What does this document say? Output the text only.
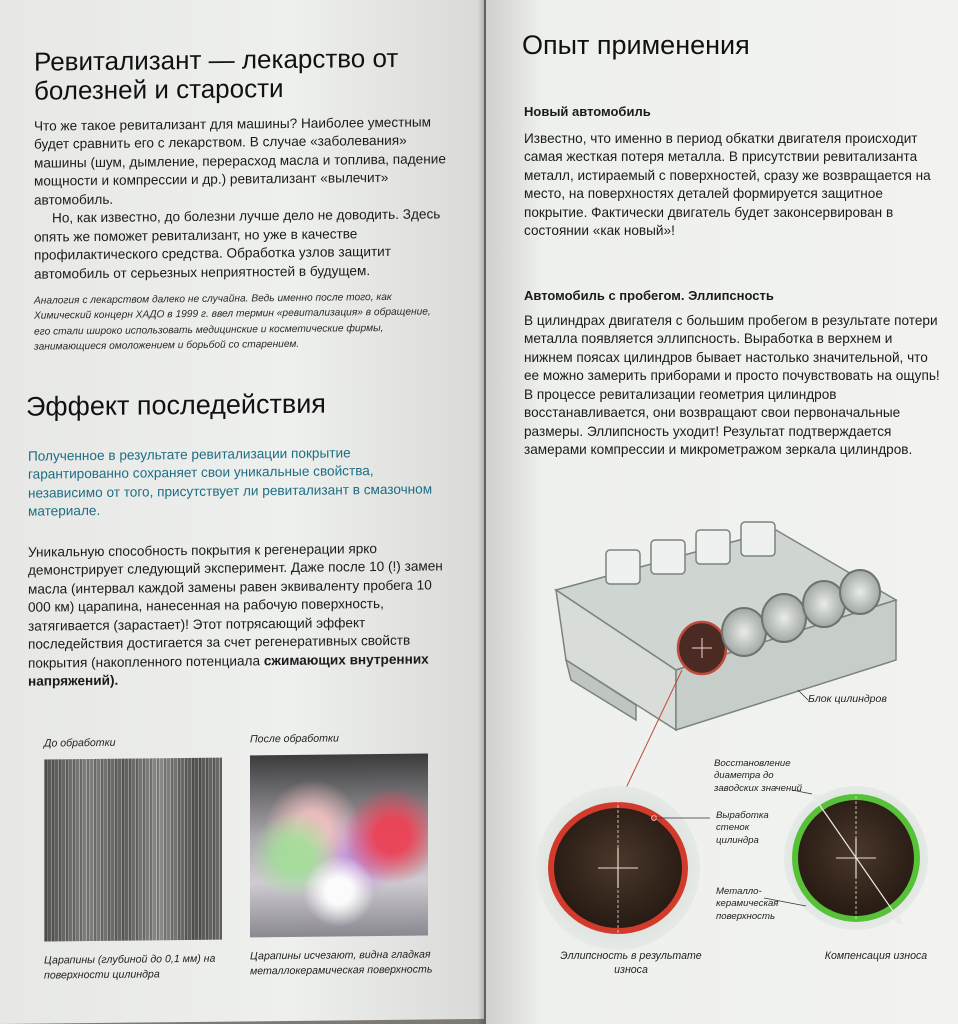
Ревитализант — лекарство от болезней и старости

Что же такое ревитализант для машины? Наиболее уместным будет сравнить его с лекарством. В случае «заболевания» машины (шум, дымление, перерасход масла и топлива, падение мощности и компрессии и др.) ревитализант «вылечит» автомобиль.

Но, как известно, до болезни лучше дело не доводить. Здесь опять же поможет ревитализант, но уже в качестве профилактического средства. Обработка узлов защитит автомобиль от серьезных неприятностей в будущем.

Аналогия с лекарством далеко не случайна. Ведь именно после того, как Химический концерн ХАДО в 1999 г. ввел термин «ревитализация» в обращение, его стали широко использовать медицинские и косметические фирмы, занимающиеся омоложением и борьбой со старением.

Эффект последействия

Полученное в результате ревитализации покрытие гарантированно сохраняет свои уникальные свойства, независимо от того, присутствует ли ревитализант в смазочном материале.

Уникальную способность покрытия к регенерации ярко демонстрирует следующий эксперимент. Даже после 10 (!) замен масла (интервал каждой замены равен эквиваленту пробега 10 000 км) царапина, нанесенная на рабочую поверхность, затягивается (зарастает)! Этот потрясающий эффект последействия достигается за счет регенеративных свойств покрытия (накопленного потенциала сжимающих внутренних напряжений).

До обработки	После обработки
Царапины (глубиной до 0,1 мм) на поверхности цилиндра
Царапины исчезают, видна гладкая металлокерамическая поверхность
Опыт применения
Новый автомобиль

Известно, что именно в период обкатки двигателя происходит самая жесткая потеря металла. В присутствии ревитализанта металл, истираемый с поверхностей, сразу же возвращается на место, на поверхностях деталей формируется защитное покрытие. Фактически двигатель будет законсервирован в состоянии «как новый»!

Автомобиль с пробегом. Эллипсность

В цилиндрах двигателя с большим пробегом в результате потери металла появляется эллипсность. Выработка в верхнем и нижнем поясах цилиндров бывает настолько значительной, что ее можно замерить приборами и просто почувствовать на ощупь! В процессе ревитализации геометрия цилиндров восстанавливается, они возвращают свои первоначальные размеры. Эллипсность уходит! Результат подтверждается замерами компрессии и микрометражом зеркала цилиндров.

Блок цилиндров
Восстановление диаметра до заводских значений
Выработка стенок цилиндра
Металло-керамическая поверхность
Эллипсность в результате износа
Компенсация износа
